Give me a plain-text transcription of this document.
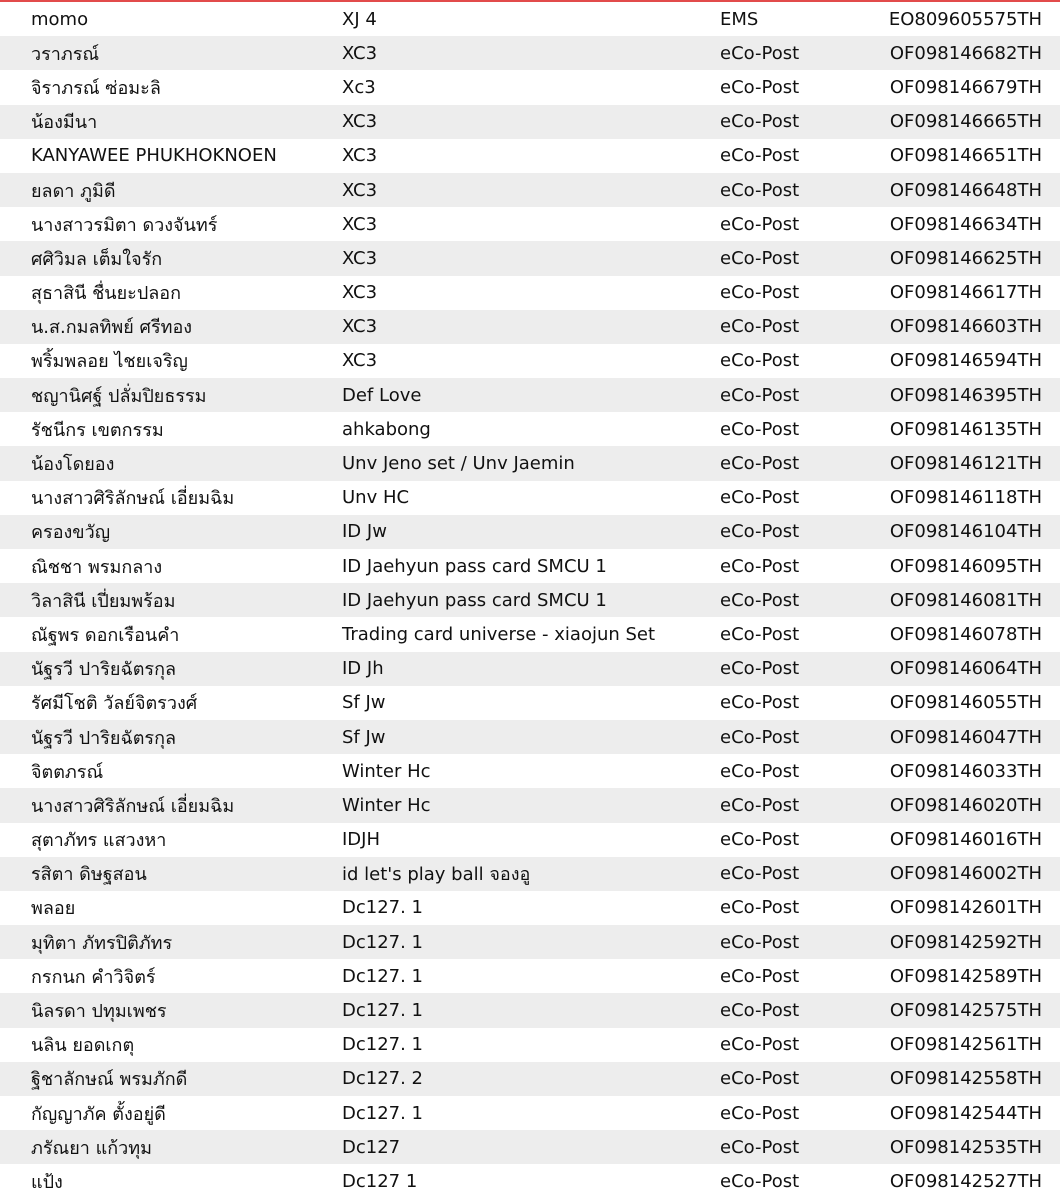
momo	XJ 4	EMS	EO809605575TH
วราภรณ์	XC3	eCo-Post	OF098146682TH
จิราภรณ์ ซ่อมะลิ	Xc3	eCo-Post	OF098146679TH
น้องมีนา	XC3	eCo-Post	OF098146665TH
KANYAWEE PHUKHOKNOEN	XC3	eCo-Post	OF098146651TH
ยลดา ภูมิดี	XC3	eCo-Post	OF098146648TH
นางสาวรมิตา ดวงจันทร์	XC3	eCo-Post	OF098146634TH
ศศิวิมล เต็มใจรัก	XC3	eCo-Post	OF098146625TH
สุธาสินี ชื่นยะปลอก	XC3	eCo-Post	OF098146617TH
น.ส.กมลทิพย์ ศรีทอง	XC3	eCo-Post	OF098146603TH
พริ้มพลอย ไชยเจริญ	XC3	eCo-Post	OF098146594TH
ชญานิศฐ์ ปลั่มปิยธรรม	Def Love	eCo-Post	OF098146395TH
รัชนีกร เขตกรรม	ahkabong	eCo-Post	OF098146135TH
น้องโดยอง	Unv Jeno set / Unv Jaemin	eCo-Post	OF098146121TH
นางสาวศิริลักษณ์ เอี่ยมฉิม	Unv HC	eCo-Post	OF098146118TH
ครองขวัญ	ID Jw	eCo-Post	OF098146104TH
ณิชชา พรมกลาง	ID Jaehyun pass card SMCU 1	eCo-Post	OF098146095TH
วิลาสินี เปี่ยมพร้อม	ID Jaehyun pass card SMCU 1	eCo-Post	OF098146081TH
ณัฐพร ดอกเรือนคำ	Trading card universe - xiaojun Set	eCo-Post	OF098146078TH
นัฐรวี ปาริยฉัตรกุล	ID Jh	eCo-Post	OF098146064TH
รัศมีโชติ วัลย์จิตรวงศ์	Sf Jw	eCo-Post	OF098146055TH
นัฐรวี ปาริยฉัตรกุล	Sf Jw	eCo-Post	OF098146047TH
จิตตภรณ์	Winter Hc	eCo-Post	OF098146033TH
นางสาวศิริลักษณ์ เอี่ยมฉิม	Winter Hc	eCo-Post	OF098146020TH
สุตาภัทร แสวงหา	IDJH	eCo-Post	OF098146016TH
รสิตา ดิษฐสอน	id let's play ball จองอู	eCo-Post	OF098146002TH
พลอย	Dc127. 1	eCo-Post	OF098142601TH
มุทิตา ภัทรปิติภัทร	Dc127. 1	eCo-Post	OF098142592TH
กรกนก คำวิจิตร์	Dc127. 1	eCo-Post	OF098142589TH
นิลรดา ปทุมเพชร	Dc127. 1	eCo-Post	OF098142575TH
นลิน ยอดเกตุ	Dc127. 1	eCo-Post	OF098142561TH
ฐิชาลักษณ์ พรมภักดี	Dc127. 2	eCo-Post	OF098142558TH
กัญญาภัค ตั้งอยู่ดี	Dc127. 1	eCo-Post	OF098142544TH
ภรัณยา แก้วทุม	Dc127	eCo-Post	OF098142535TH
แป้ง	Dc127 1	eCo-Post	OF098142527TH
